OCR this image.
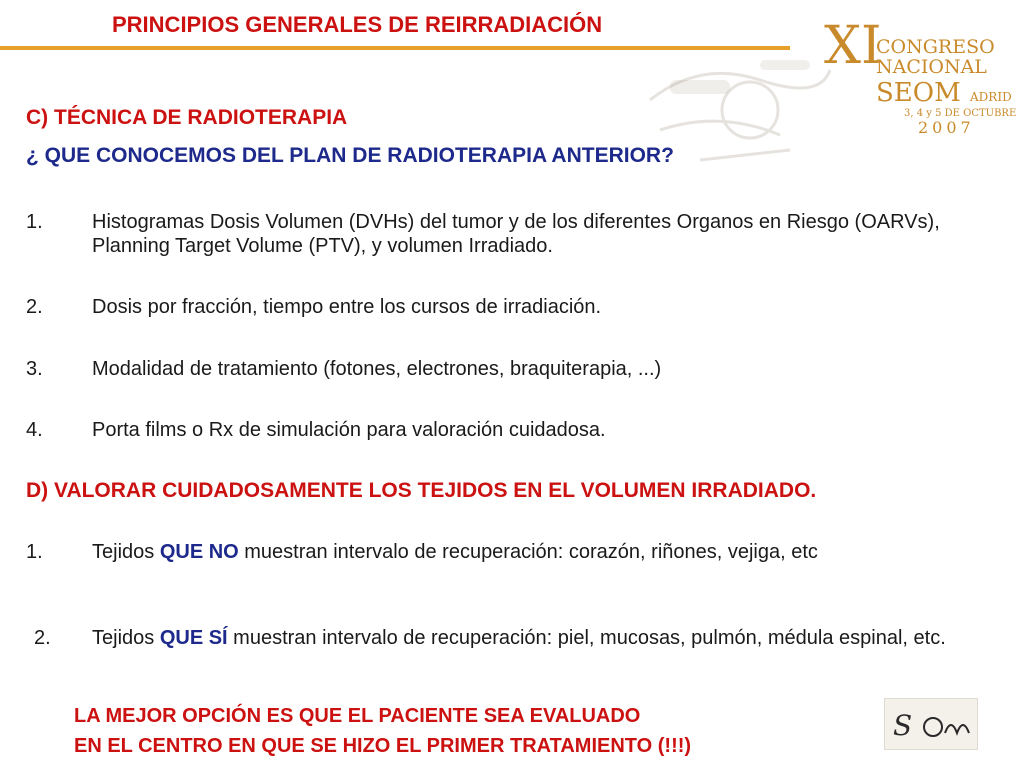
PRINCIPIOS GENERALES DE REIRRADIACIÓN	XI
CONGRESO
NACIONAL
SEOM ADRID
3, 4 y 5 DE OCTUBRE
2007
C) TÉCNICA DE RADIOTERAPIA
¿ QUE CONOCEMOS DEL PLAN DE RADIOTERAPIA ANTERIOR?
1. Histogramas Dosis Volumen (DVHs) del tumor y de los diferentes Organos en Riesgo (OARVs), Planning Target Volume (PTV), y volumen Irradiado.
2. Dosis por fracción, tiempo entre los cursos de irradiación.
3. Modalidad de tratamiento (fotones, electrones, braquiterapia, ...)
4. Porta films o Rx de simulación para valoración cuidadosa.
D) VALORAR CUIDADOSAMENTE LOS TEJIDOS EN EL VOLUMEN IRRADIADO.
1. Tejidos QUE NO muestran intervalo de recuperación: corazón, riñones, vejiga, etc
2. Tejidos QUE SÍ muestran intervalo de recuperación: piel, mucosas, pulmón, médula espinal, etc.
LA MEJOR OPCIÓN ES QUE EL PACIENTE SEA EVALUADO
EN EL CENTRO EN QUE SE HIZO EL PRIMER TRATAMIENTO (!!!)
S
